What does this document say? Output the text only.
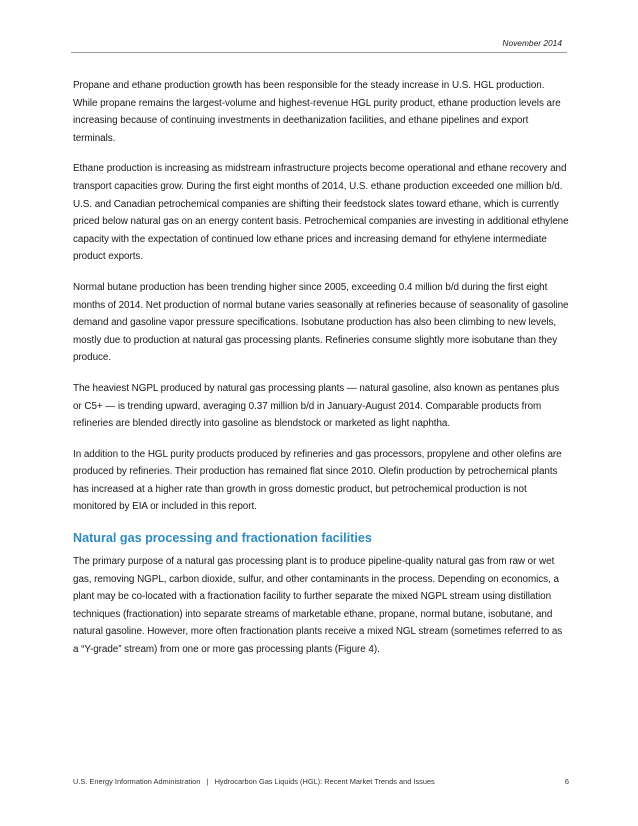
November 2014

Propane and ethane production growth has been responsible for the steady increase in U.S. HGL production. While propane remains the largest-volume and highest-revenue HGL purity product, ethane production levels are increasing because of continuing investments in deethanization facilities, and ethane pipelines and export terminals.

Ethane production is increasing as midstream infrastructure projects become operational and ethane recovery and transport capacities grow. During the first eight months of 2014, U.S. ethane production exceeded one million b/d. U.S. and Canadian petrochemical companies are shifting their feedstock slates toward ethane, which is currently priced below natural gas on an energy content basis. Petrochemical companies are investing in additional ethylene capacity with the expectation of continued low ethane prices and increasing demand for ethylene intermediate product exports.

Normal butane production has been trending higher since 2005, exceeding 0.4 million b/d during the first eight months of 2014. Net production of normal butane varies seasonally at refineries because of seasonality of gasoline demand and gasoline vapor pressure specifications. Isobutane production has also been climbing to new levels, mostly due to production at natural gas processing plants. Refineries consume slightly more isobutane than they produce.

The heaviest NGPL produced by natural gas processing plants — natural gasoline, also known as pentanes plus or C5+ — is trending upward, averaging 0.37 million b/d in January-August 2014. Comparable products from refineries are blended directly into gasoline as blendstock or marketed as light naphtha.

In addition to the HGL purity products produced by refineries and gas processors, propylene and other olefins are produced by refineries. Their production has remained flat since 2010. Olefin production by petrochemical plants has increased at a higher rate than growth in gross domestic product, but petrochemical production is not monitored by EIA or included in this report.

Natural gas processing and fractionation facilities

The primary purpose of a natural gas processing plant is to produce pipeline-quality natural gas from raw or wet gas, removing NGPL, carbon dioxide, sulfur, and other contaminants in the process. Depending on economics, a plant may be co-located with a fractionation facility to further separate the mixed NGPL stream using distillation techniques (fractionation) into separate streams of marketable ethane, propane, normal butane, isobutane, and natural gasoline. However, more often fractionation plants receive a mixed NGL stream (sometimes referred to as a “Y-grade” stream) from one or more gas processing plants (Figure 4).

U.S. Energy Information Administration   |   Hydrocarbon Gas Liquids (HGL): Recent Market Trends and Issues	6
